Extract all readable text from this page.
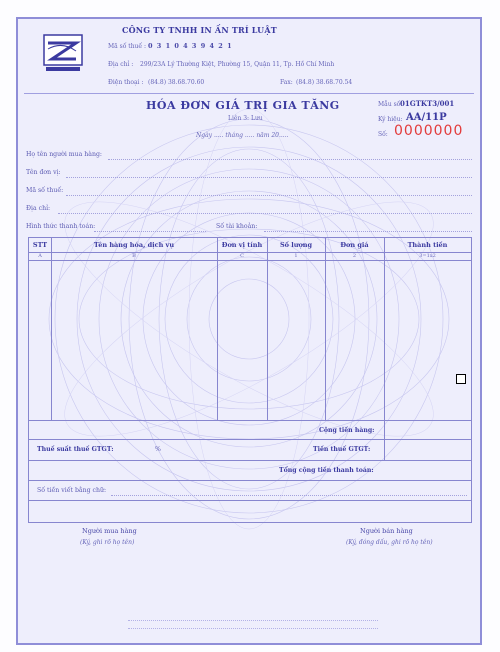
CÔNG TY TNHH IN ẤN TRÍ LUẬT
Mã số thuế : 0 3 1 0 4 3 9 4 2 1
Địa chỉ : 299/23A Lý Thường Kiệt, Phường 15, Quận 11, Tp. Hồ Chí Minh
Điện thoại : (84.8) 38.68.70.60	Fax: (84.8) 38.68.70.54
HÓA ĐƠN GIÁ TRỊ GIA TĂNG
Liên 3: Lưu
Ngày ..... tháng ..... năm 20.....
Mẫu số:
01GTKT3/001
Ký hiệu: AA/11P
Số: 0000000
Họ tên người mua hàng:
Tên đơn vị:
Mã số thuế:
Địa chỉ:
Hình thức thanh toán:	Số tài khoản:
STT	Tên hàng hóa, dịch vụ	Đơn vị tính	Số lượng	Đơn giá	Thành tiền
A	B	C	1	2	3=1x2
Cộng tiền hàng:
Thuế suất thuế GTGT:	%	Tiền thuế GTGT:
Tổng cộng tiền thanh toán:
Số tiền viết bằng chữ:
Người mua hàng
(Ký, ghi rõ họ tên)
Người bán hàng
(Ký, đóng dấu, ghi rõ họ tên)
